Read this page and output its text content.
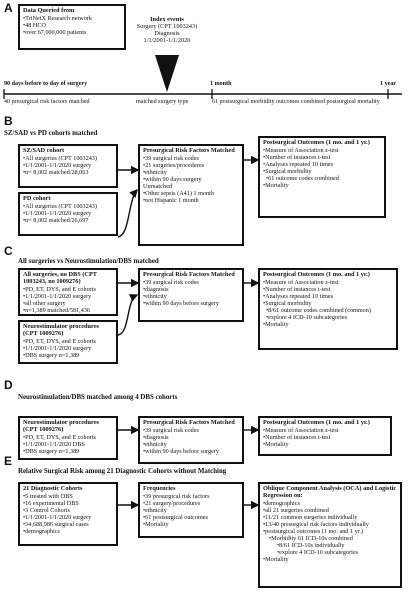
A Data Queried from
• TriNetX Research network
• 48 HCO
• over 67,000,000 patients
Index events
Surgery (CPT 1003243)
Diagnosis
1/1/2001-1/1/2020
90 days before to day of surgery	1 month	1 year
40 presurgical risk factors matched	matched surgery type	61 postsurgical morbidity outcomes combined postsurgical mortality
B
SZ/SAD vs PD cohorts matched
SZ/SAD cohort
• All surgeries (CPT 1003243)
• 1/1/2001-1/1/2020 surgery
• n= 8,002 matched/28,063
PD cohort
• All surgeries (CPT 1003243)
• 1/1/2001-1/1/2020 surgery
• n= 8,002 matched/26,697
Presurgical Risk Factors Matched
• 39 surgical risk codes
• 21 surgeries/procedures
• ethnicity
• within 90 days surgery
Unmatched
• Other sepsis (A41) 1 month
• not Hispanic 1 month
Postsurgical Outcomes (1 mo. and 1 yr.)
• Measure of Association z-test
• Number of instances t-test
• Analyses repeated 10 times
• Surgical morbidity
• 61 outcome codes combined
• Mortality
C
All surgeries vs Neurostimulation/DBS matched
All surgeries, no DBS (CPT 1003243, no 1009276)
• PD, ET, DYS, and E cohorts
• 1/1/2001-1/1/2020 surgery
• all other surgery
• n=1,389 matched/581,436
Neurostimulator procedures (CPT 1009276)
• PD, ET, DYS, and E cohorts
• 1/1/2001-1/1/2020 surgery
• DBS surgery n=1,389
Presurgical Risk Factors Matched
• 39 surgical risk codes
• diagnosis
• ethnicity
• within 90 days before surgery
Postsurgical Outcomes (1 mo. and 1 yr.)
• Measure of Association z-test
• Number of instances t-test
• Analyses repeated 10 times
• Surgical morbidity
• 8/61 outcome codes combined (common)
• explore 4 ICD-10 subcategories
• Mortality
D
Neurostimulation/DBS matched among 4 DBS cohorts
Neurostimulator procedures (CPT 1009276)
• PD, ET, DYS, and E cohorts
• 1/1/2001-1/1/2020 DBS
• DBS surgery n=1,389
Presurgical Risk Factors Matched
• 39 surgical risk codes
• diagnosis
• ethnicity
• within 90 days before surgery
Postsurgical Outcomes (1 mo. and 1 yr.)
• Measure of Association z-test
• Number of instances t-test
• Mortality
E
Relative Surgical Risk among 21 Diagnostic Cohorts without Matching
21 Diagnostic Cohorts
• 5 treated with DBS
• 16 experimental DBS
• 3 Control Cohorts
• 1/1/2001-1/1/2020 surgery
• 34,688,986 surgical cases
• demographics
Frequencies
• 39 presurgical risk factors
• 21 surgery/procedures
• ethnicity
• 61 postsurgical outcomes
• Mortality
Oblique Component Analysis (OCA) and Logistic Regression on:
• demographics
• all 21 surgeries combined
• 11/21 common surgeries individually
• 13/40 presurgical risk factors individually
• postsurgical outcomes (1 mo. and 1 yr.)
• Morbidity 61 ICD-10s combined
• 8/61 ICD-10s individually
• explore 4 ICD-10 subcategories
• Mortality
